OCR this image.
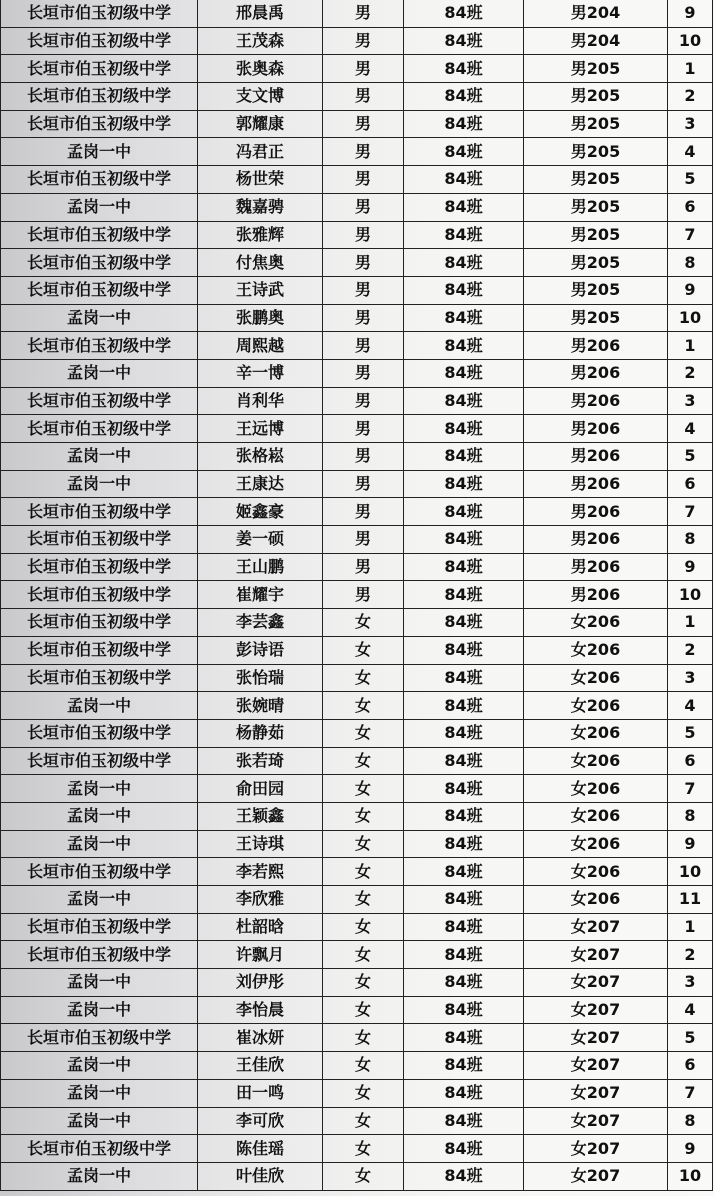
长垣市伯玉初级中学	邢晨禹	男	84班	男204	9
长垣市伯玉初级中学	王茂森	男	84班	男204	10
长垣市伯玉初级中学	张奥森	男	84班	男205	1
长垣市伯玉初级中学	支文博	男	84班	男205	2
长垣市伯玉初级中学	郭耀康	男	84班	男205	3
孟岗一中	冯君正	男	84班	男205	4
长垣市伯玉初级中学	杨世荣	男	84班	男205	5
孟岗一中	魏嘉骋	男	84班	男205	6
长垣市伯玉初级中学	张雅辉	男	84班	男205	7
长垣市伯玉初级中学	付焦奥	男	84班	男205	8
长垣市伯玉初级中学	王诗武	男	84班	男205	9
孟岗一中	张鹏奥	男	84班	男205	10
长垣市伯玉初级中学	周熙越	男	84班	男206	1
孟岗一中	辛一博	男	84班	男206	2
长垣市伯玉初级中学	肖利华	男	84班	男206	3
长垣市伯玉初级中学	王远博	男	84班	男206	4
孟岗一中	张格崧	男	84班	男206	5
孟岗一中	王康达	男	84班	男206	6
长垣市伯玉初级中学	姬鑫豪	男	84班	男206	7
长垣市伯玉初级中学	姜一硕	男	84班	男206	8
长垣市伯玉初级中学	王山鹏	男	84班	男206	9
长垣市伯玉初级中学	崔耀宇	男	84班	男206	10
长垣市伯玉初级中学	李芸鑫	女	84班	女206	1
长垣市伯玉初级中学	彭诗语	女	84班	女206	2
长垣市伯玉初级中学	张怡瑞	女	84班	女206	3
孟岗一中	张婉晴	女	84班	女206	4
长垣市伯玉初级中学	杨静茹	女	84班	女206	5
长垣市伯玉初级中学	张若琦	女	84班	女206	6
孟岗一中	俞田园	女	84班	女206	7
孟岗一中	王颖鑫	女	84班	女206	8
孟岗一中	王诗琪	女	84班	女206	9
长垣市伯玉初级中学	李若熙	女	84班	女206	10
孟岗一中	李欣雅	女	84班	女206	11
长垣市伯玉初级中学	杜韶晗	女	84班	女207	1
长垣市伯玉初级中学	许飘月	女	84班	女207	2
孟岗一中	刘伊彤	女	84班	女207	3
孟岗一中	李怡晨	女	84班	女207	4
长垣市伯玉初级中学	崔冰妍	女	84班	女207	5
孟岗一中	王佳欣	女	84班	女207	6
孟岗一中	田一鸣	女	84班	女207	7
孟岗一中	李可欣	女	84班	女207	8
长垣市伯玉初级中学	陈佳瑶	女	84班	女207	9
孟岗一中	叶佳欣	女	84班	女207	10
